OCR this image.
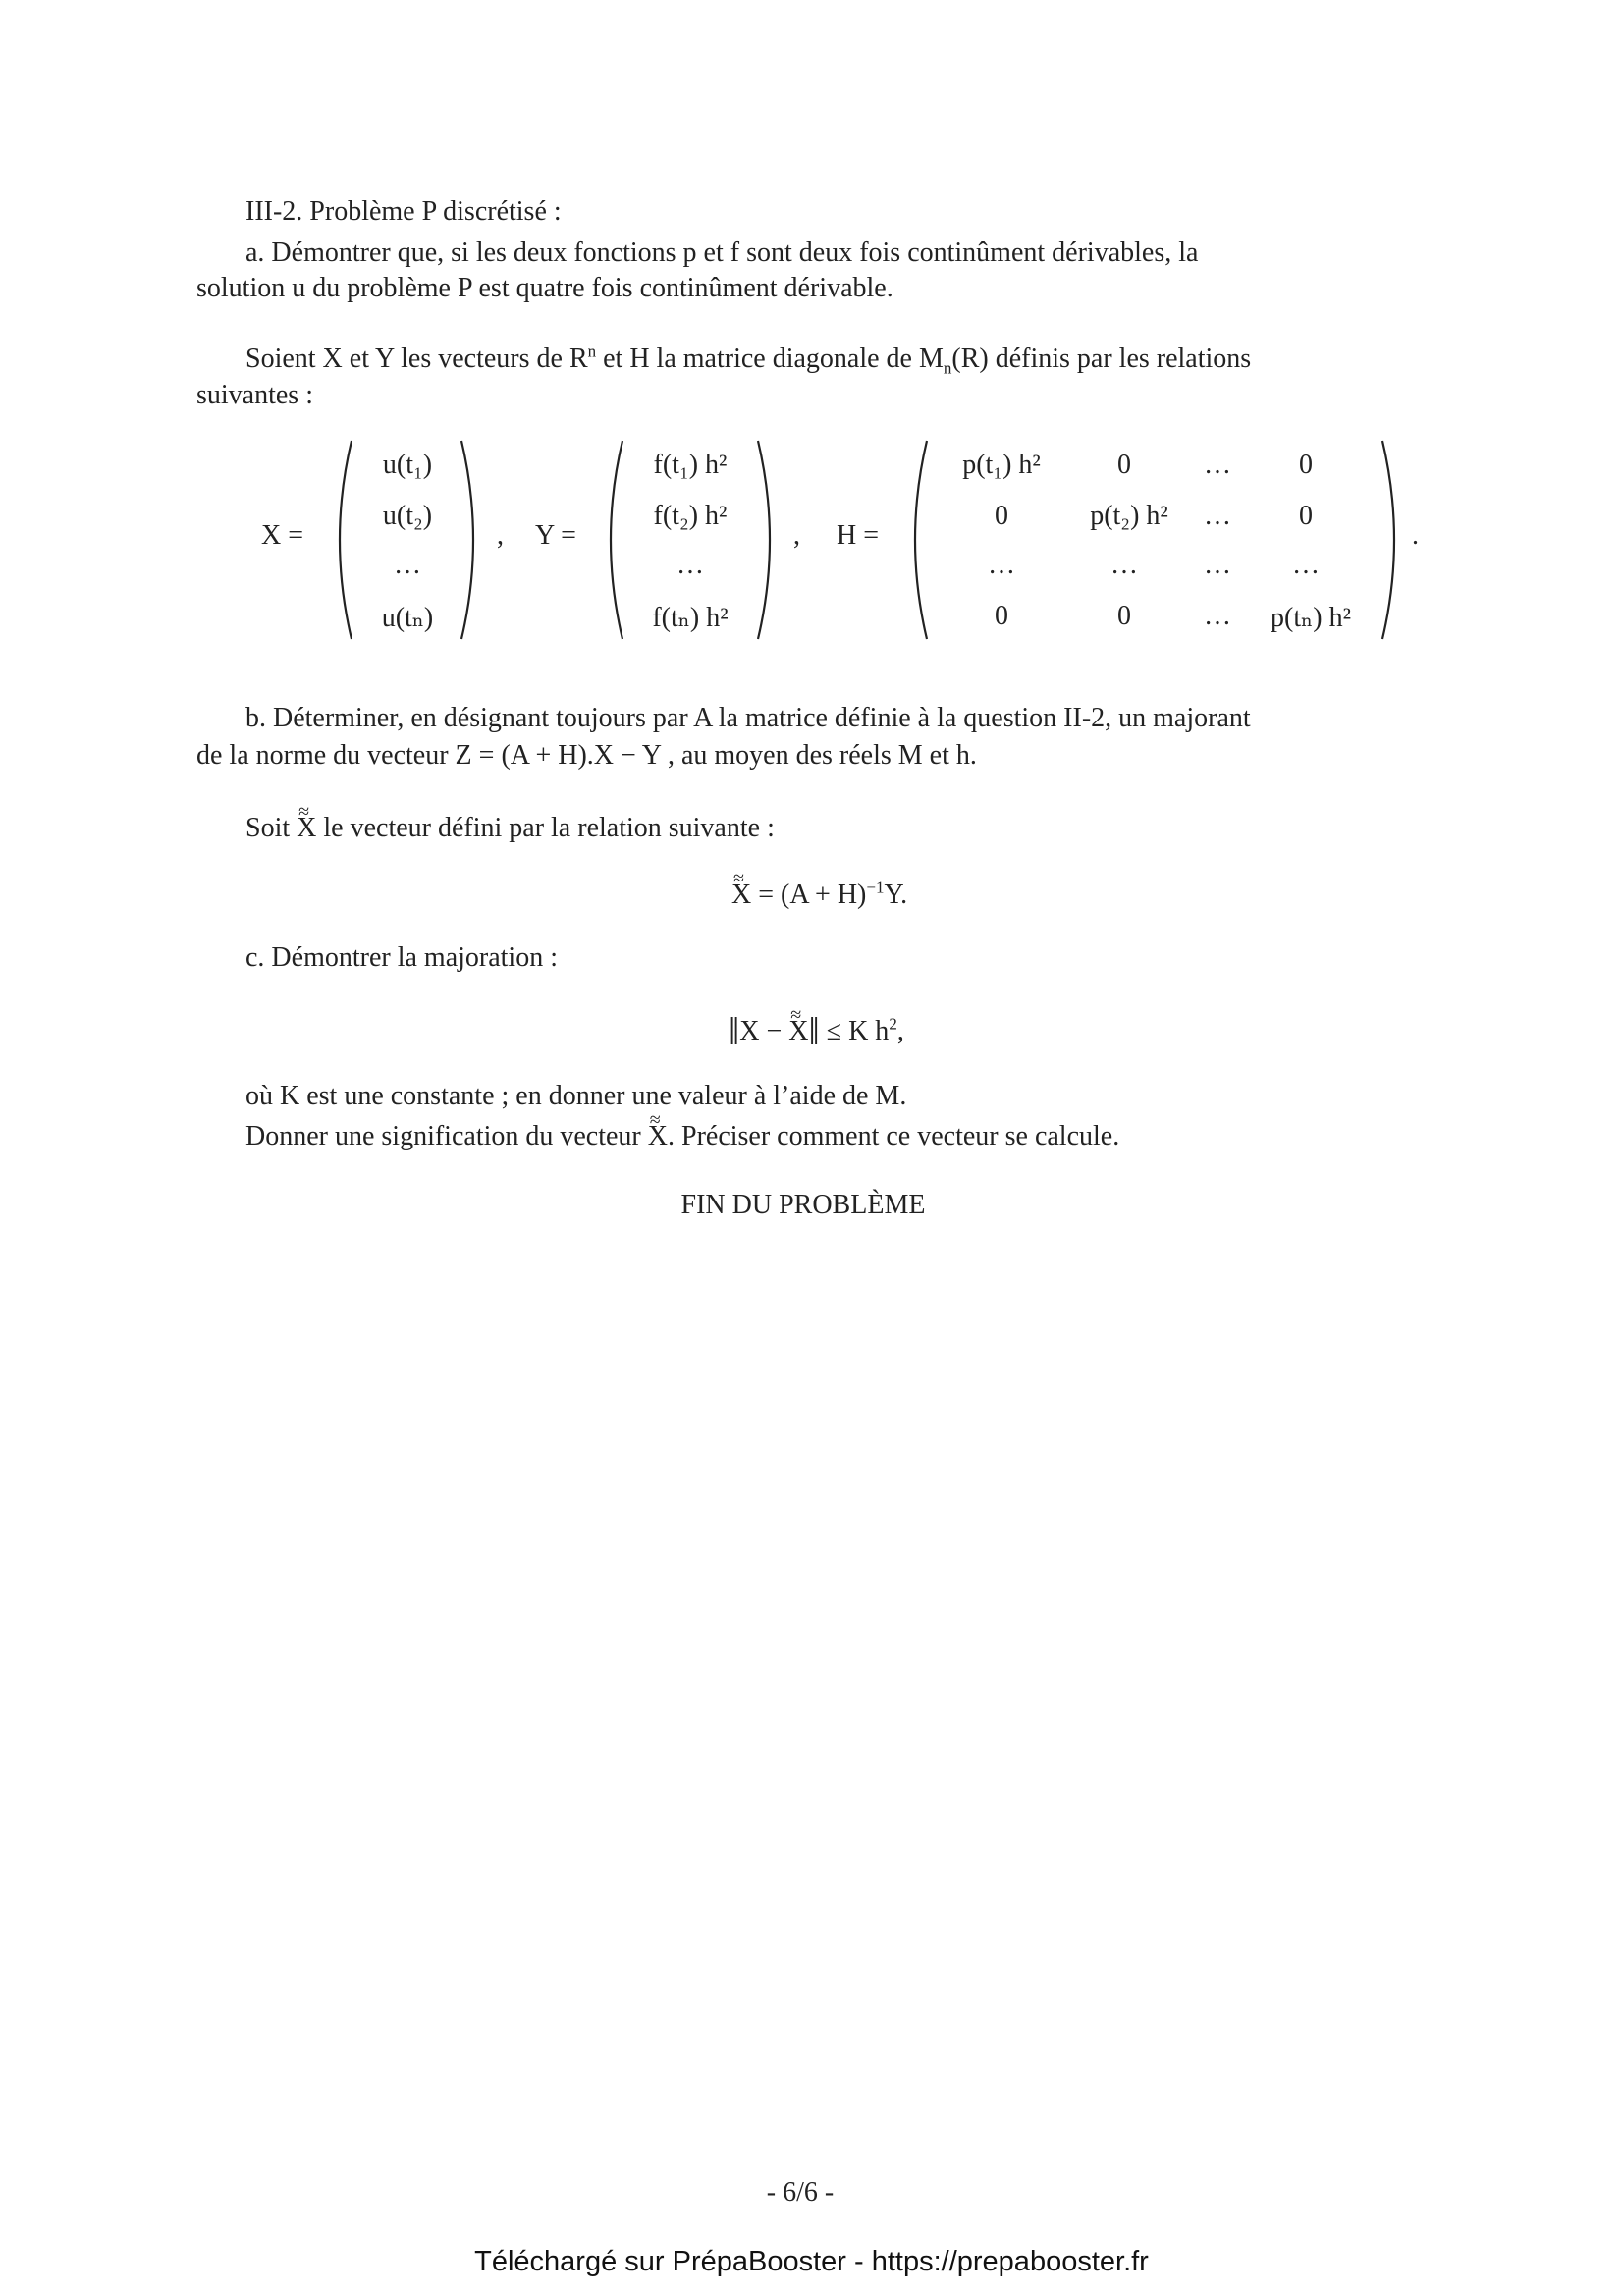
III-2. Problème P discrétisé :
a. Démontrer que, si les deux fonctions p et f sont deux fois continûment dérivables, la
solution u du problème P est quatre fois continûment dérivable.
Soient X et Y les vecteurs de $R^n$ et H la matrice diagonale de $M_n(R)$ définis par les relations
suivantes :
X =
u(t₁)
u(t₂)
…
u(tₙ)
, Y =
f(t₁) h²
f(t₂) h²
…
f(tₙ) h²
, H =
p(t₁) h²	0	…	0
0	p(t₂) h²	…	0
…	…	…	…
0	0	…	p(tₙ) h²
.
b. Déterminer, en désignant toujours par A la matrice définie à la question II-2, un majorant
de la norme du vecteur Z = (A + H).X − Y , au moyen des réels M et h.
Soit ≈ X le vecteur défini par la relation suivante :
≈ $X = (A + H)^{-1}Y$.
c. Démontrer la majoration :
‖X − ≈ X‖ ≤ K $h^2$,
où K est une constante ; en donner une valeur à l’aide de M.
Donner une signification du vecteur ≈ X. Préciser comment ce vecteur se calcule.
FIN DU PROBLÈME
- 6/6 -
Téléchargé sur PrépaBooster - https://prepabooster.fr
